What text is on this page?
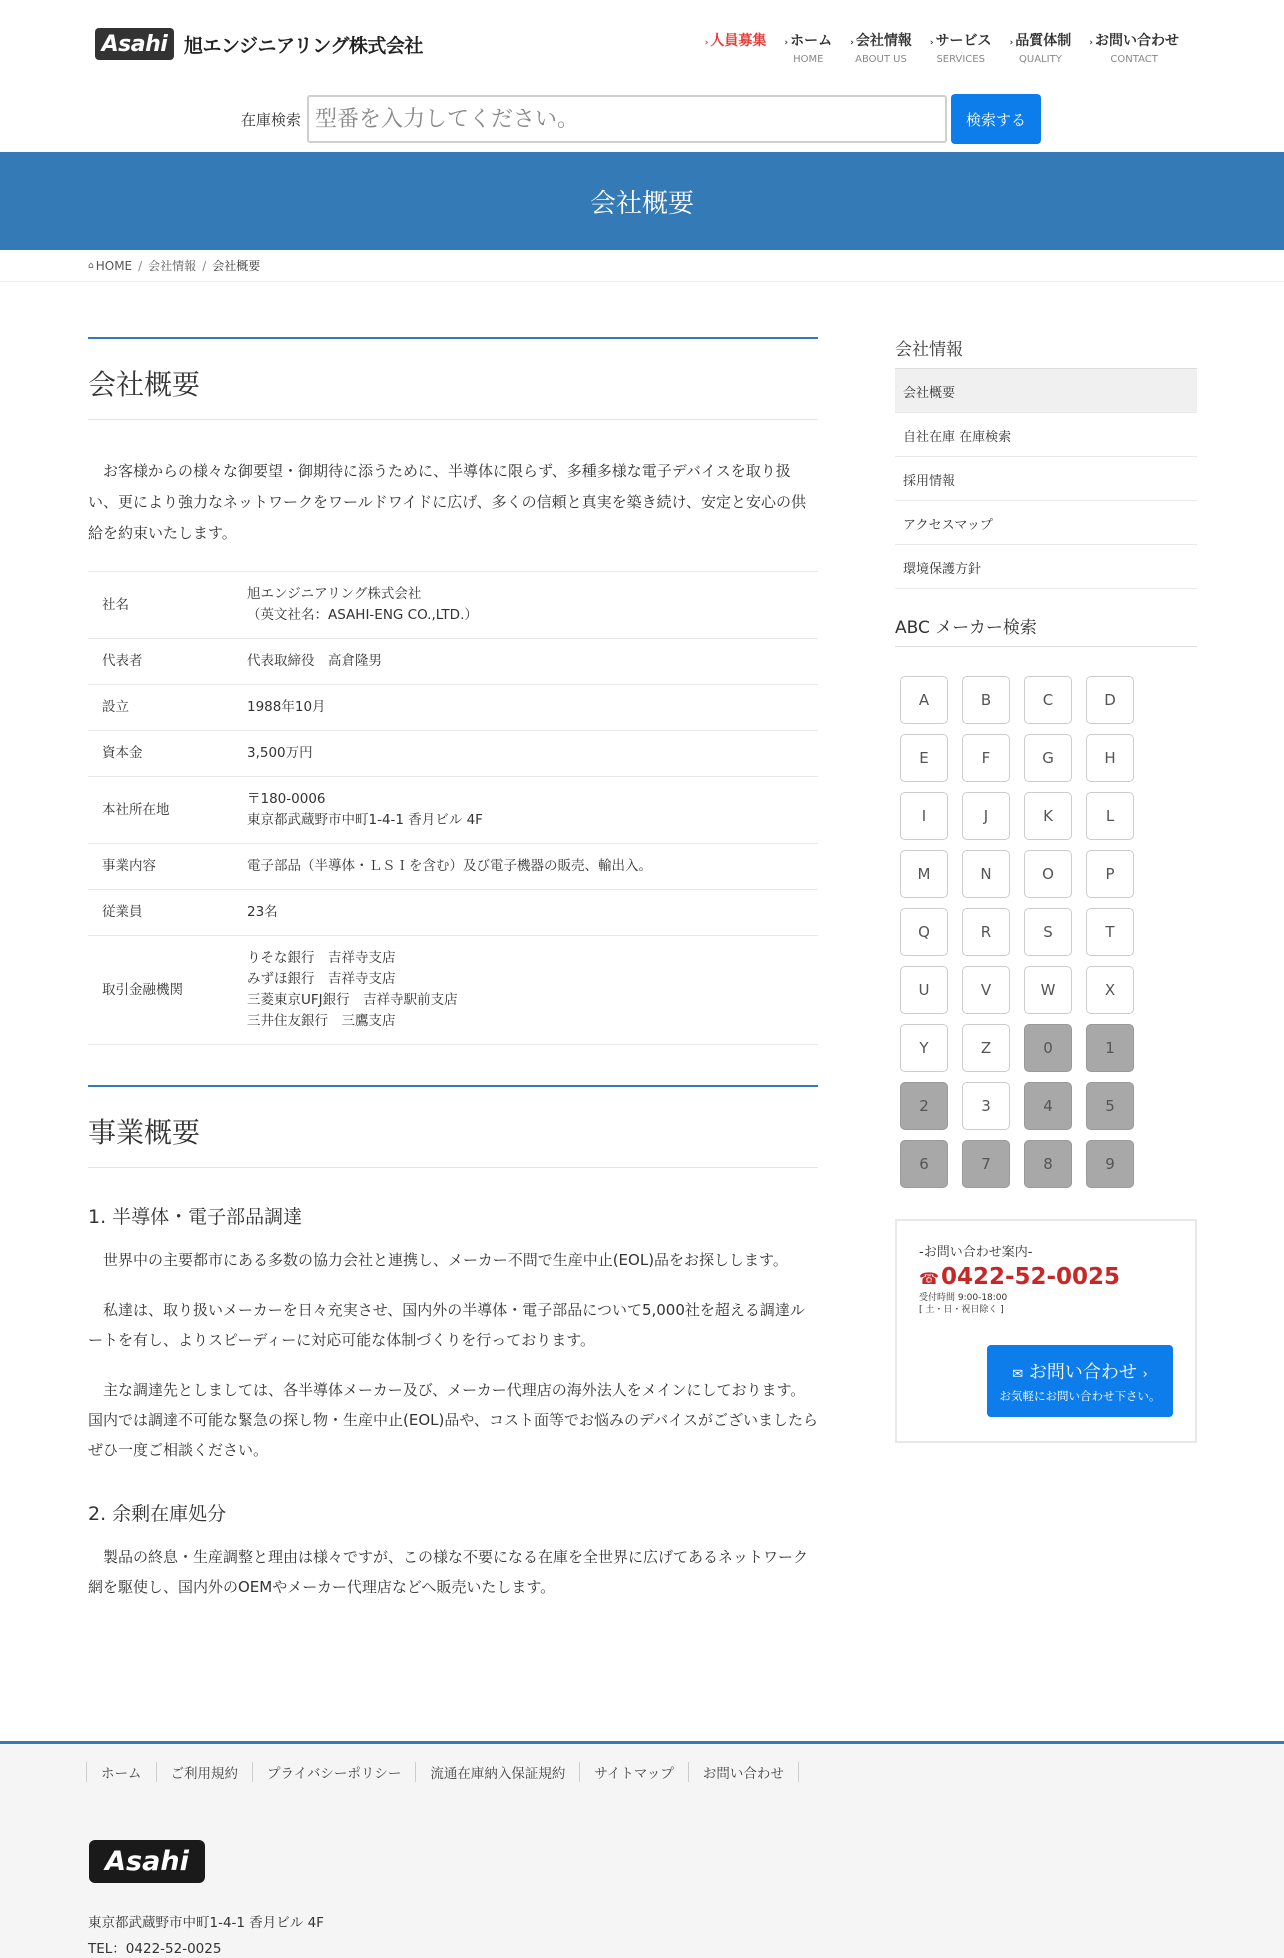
Asahi 旭エンジニアリング株式会社	› 人員募集 › ホーム
HOME
› 会社情報
ABOUT US
› サービス
SERVICES
› 品質体制
QUALITY
› お問い合わせ
CONTACT
在庫検索
型番を入力してください。	検索する
会社概要
⌂ HOME / 会社情報 / 会社概要
会社概要

お客様からの様々な御要望・御期待に添うために、半導体に限らず、多種多様な電子デバイスを取り扱い、更により強力なネットワークをワールドワイドに広げ、多くの信頼と真実を築き続け、安定と安心の供給を約束いたします。

社名	旭エンジニアリング株式会社
（英文社名：ASAHI-ENG CO.,LTD.）

代表者	代表取締役　高倉隆男

設立	1988年10月

資本金	3,500万円

本社所在地	〒180-0006
東京都武蔵野市中町1-4-1 香月ビル 4F

事業内容	電子部品（半導体・ＬＳＩを含む）及び電子機器の販売、輸出入。

従業員	23名

取引金融機関	りそな銀行　吉祥寺支店
みずほ銀行　吉祥寺支店
三菱東京UFJ銀行　吉祥寺駅前支店
三井住友銀行　三鷹支店
事業概要
1. 半導体・電子部品調達

世界中の主要都市にある多数の協力会社と連携し、メーカー不問で生産中止(EOL)品をお探しします。

私達は、取り扱いメーカーを日々充実させ、国内外の半導体・電子部品について5,000社を超える調達ルートを有し、よりスピーディーに対応可能な体制づくりを行っております。

主な調達先としましては、各半導体メーカー及び、メーカー代理店の海外法人をメインにしております。国内では調達不可能な緊急の探し物・生産中止(EOL)品や、コスト面等でお悩みのデバイスがございましたらぜひ一度ご相談ください。

2. 余剰在庫処分

製品の終息・生産調整と理由は様々ですが、この様な不要になる在庫を全世界に広げてあるネットワーク網を駆使し、国内外のOEMやメーカー代理店などへ販売いたします。

会社情報
会社概要
自社在庫 在庫検索
採用情報
アクセスマップ
環境保護方針
ABC メーカー検索
A	B	C	D
E	F	G	H
I	J	K	L
M	N	O	P
Q	R	S	T
U	V	W	X
Y	Z	0	1
2	3	4	5
6	7	8	9
-お問い合わせ案内-
☎0422-52-0025
受付時間 9:00-18:00
[ 土・日・祝日除く ]
✉ お問い合わせ ›
お気軽にお問い合わせ下さい。
ホーム	ご利用規約	プライバシーポリシー	流通在庫納入保証規約	サイトマップ	お問い合わせ
Asahi
東京都武蔵野市中町1-4-1 香月ビル 4F
TEL：0422-52-0025
